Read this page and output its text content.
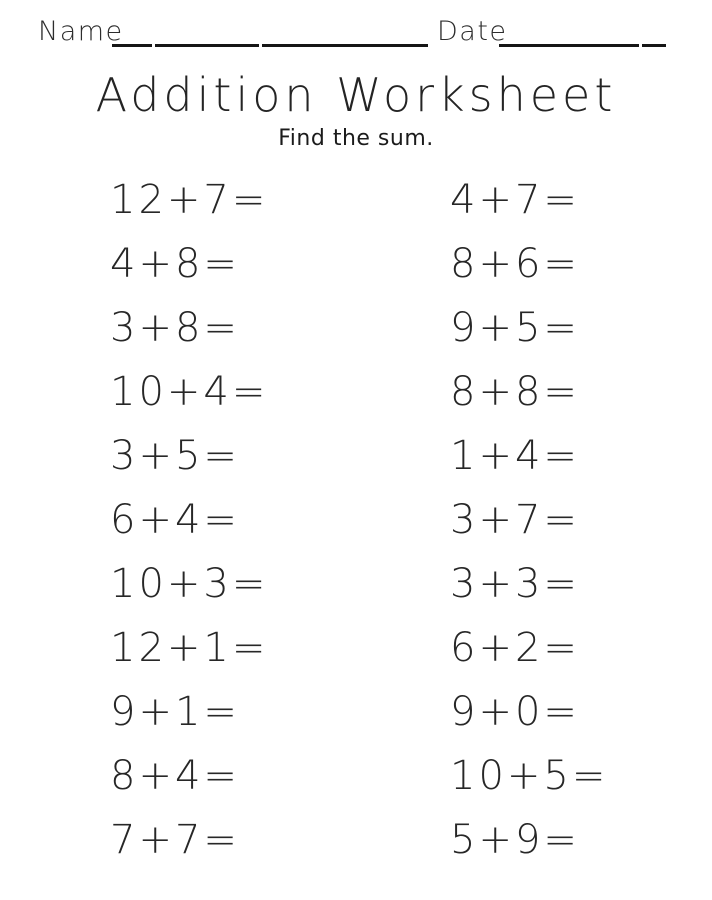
Name	Date
Addition Worksheet
Find the sum.
12+7=
4+8=
3+8=
10+4=
3+5=
6+4=
10+3=
12+1=
9+1=
8+4=
7+7=
4+7=
8+6=
9+5=
8+8=
1+4=
3+7=
3+3=
6+2=
9+0=
10+5=
5+9=
